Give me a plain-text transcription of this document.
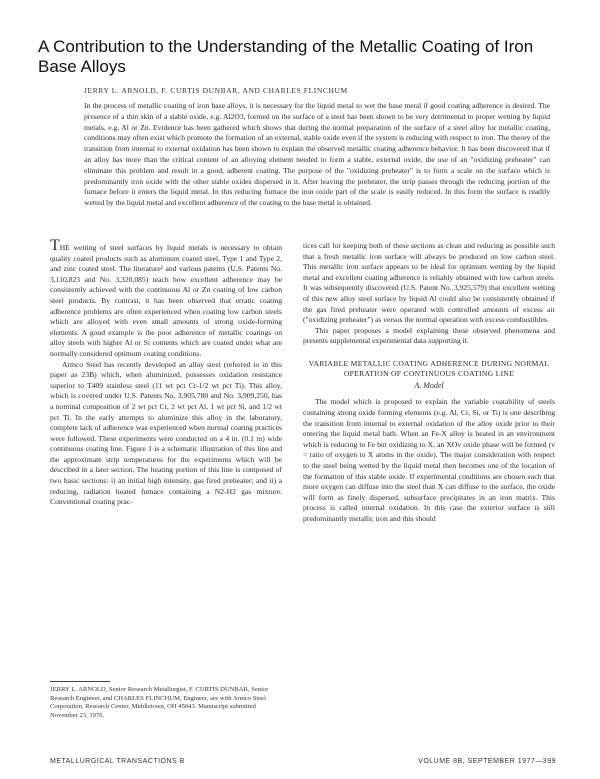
A Contribution to the Understanding of the Metallic Coating of Iron Base Alloys
JERRY L. ARNOLD, F. CURTIS DUNBAR, AND CHARLES FLINCHUM

In the process of metallic coating of iron base alloys, it is necessary for the liquid metal to wet the base metal if good coating adherence is desired. The presence of a thin skin of a stable oxide, e.g. Al2O3, formed on the surface of a steel has been shown to be very detrimental to proper wetting by liquid metals, e.g. Al or Zn. Evidence has been gathered which shows that during the normal preparation of the surface of a steel alloy for metallic coating, conditions may often exist which promote the formation of an external, stable oxide even if the system is reducing with respect to iron. The theory of the transition from internal to external oxidation has been shown to explain the observed metallic coating adherence behavior. It has been discovered that if an alloy has more than the critical content of an alloying element needed to form a stable, external oxide, the use of an "oxidizing preheater" can eliminate this problem and result in a good, adherent coating. The purpose of the "oxidizing preheater" is to form a scale on the surface which is predominantly iron oxide with the other stable oxides dispersed in it. After leaving the preheater, the strip passes through the reducing portion of the furnace before it enters the liquid metal. In this reducing furnace the iron oxide part of the scale is easily reduced. In this form the surface is readily wetted by the liquid metal and excellent adherence of the coating to the base metal is obtained.

THE wetting of steel surfaces by liquid metals is necessary to obtain quality coated products such as aluminum coated steel, Type 1 and Type 2, and zinc coated steel. The literature¹ and various patents (U.S. Patents No. 3,110,823 and No. 3,320,085) teach how excellent adherence may be consistently achieved with the continuous Al or Zn coating of low carbon steel products. By contrast, it has been observed that erratic coating adherence problems are often experienced when coating low carbon steels which are alloyed with even small amounts of strong oxide-forming elements. A good example is the poor adherence of metallic coatings on alloy steels with higher Al or Si contents which are coated under what are normally considered optimum coating conditions.

Armco Steel has recently developed an alloy steel (referred to in this paper as 23B) which, when aluminized, possesses oxidation resistance superior to T409 stainless steel (11 wt pct Cr-1/2 wt pct Ti). This alloy, which is covered under U.S. Patents No. 3,905,780 and No. 3,909,250, has a nominal composition of 2 wt pct Cr, 2 wt pct Al, 1 wt pct Si, and 1/2 wt pct Ti. In the early attempts to aluminize this alloy in the laboratory, complete lack of adherence was experienced when normal coating practices were followed. These experiments were conducted on a 4 in. (0.1 m) wide continuous coating line. Figure 1 is a schematic illustration of this line and the approximate strip temperatures for the experiments which will be described in a later section. The heating portion of this line is composed of two basic sections: i) an initial high intensity, gas fired preheater; and ii) a reducing, radiation heated furnace containing a N2-H2 gas mixture. Conventional coating prac-

tices call for keeping both of these sections as clean and reducing as possible such that a fresh metallic iron surface will always be produced on low carbon steel. This metallic iron surface appears to be ideal for optimum wetting by the liquid metal and excellent coating adherence is reliably obtained with low carbon steels. It was subsequently discovered (U.S. Patent No. 3,925,579) that excellent wetting of this new alloy steel surface by liquid Al could also be consistently obtained if the gas fired preheater were operated with controlled amounts of excess air ("oxidizing preheater") as versus the normal operation with excess combustibles.

This paper proposes a model explaining these observed phenomena and presents supplemental experimental data supporting it.

VARIABLE METALLIC COATING ADHERENCE DURING NORMAL OPERATION OF CONTINUOUS COATING LINE

A. Model

The model which is proposed to explain the variable coatability of steels containing strong oxide forming elements (e.g. Al, Cr, Si, or Ti) is one describing the transition from internal to external oxidation of the alloy oxide prior to their entering the liquid metal bath. When an Fe-X alloy is heated in an environment which is reducing to Fe but oxidizing to X, an XOv oxide phase will be formed (v = ratio of oxygen to X atoms in the oxide). The major consideration with respect to the steel being wetted by the liquid metal then becomes one of the location of the formation of this stable oxide. If experimental conditions are chosen such that more oxygen can diffuse into the steel than X can diffuse to the surface, the oxide will form as finely dispersed, subsurface precipitates in an iron matrix. This process is called internal oxidation. In this case the exterior surface is still predominantly metallic iron and this should

JERRY L. ARNOLD, Senior Research Metallurgist, F. CURTIS DUNBAR, Senior Research Engineer, and CHARLES FLINCHUM, Engineer, are with Armco Steel Corporation, Research Center, Middletown, OH 45043. Manuscript submitted November 23, 1976.

METALLURGICAL TRANSACTIONS B	VOLUME 8B, SEPTEMBER 1977—399
